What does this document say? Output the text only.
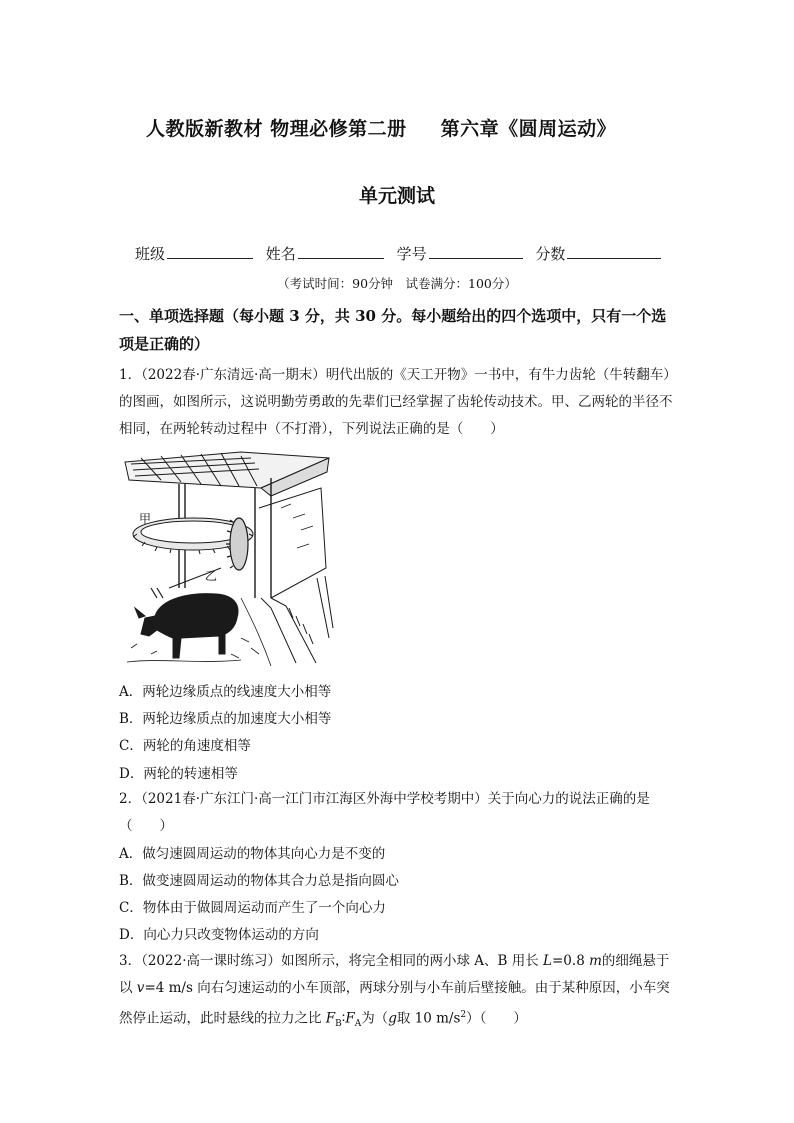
人教版新教材 物理必修第二册 第六章《圆周运动》
单元测试
班级	姓名	学号	分数
（考试时间：90分钟　试卷满分：100分）
一、单项选择题（每小题 3 分，共 30 分。每小题给出的四个选项中，只有一个选项是正确的）
1．（2022春·广东清远·高一期末）明代出版的《天工开物》一书中，有牛力齿轮（牛转翻车）的图画，如图所示，这说明勤劳勇敢的先辈们已经掌握了齿轮传动技术。甲、乙两轮的半径不相同，在两轮转动过程中（不打滑），下列说法正确的是（　　）
甲
乙
A．两轮边缘质点的线速度大小相等
B．两轮边缘质点的加速度大小相等
C．两轮的角速度相等
D．两轮的转速相等
2．（2021春·广东江门·高一江门市江海区外海中学校考期中）关于向心力的说法正确的是（　　）
A．做匀速圆周运动的物体其向心力是不变的
B．做变速圆周运动的物体其合力总是指向圆心
C．物体由于做圆周运动而产生了一个向心力
D．向心力只改变物体运动的方向
3．（2022·高一课时练习）如图所示，将完全相同的两小球 A、B 用长 L=0.8 m的细绳悬于以 v=4 m/s 向右匀速运动的小车顶部，两球分别与小车前后壁接触。由于某种原因，小车突然停止运动，此时悬线的拉力之比 $F_B∶F_A$为（g取 10 $m/s^2$）（　　）
